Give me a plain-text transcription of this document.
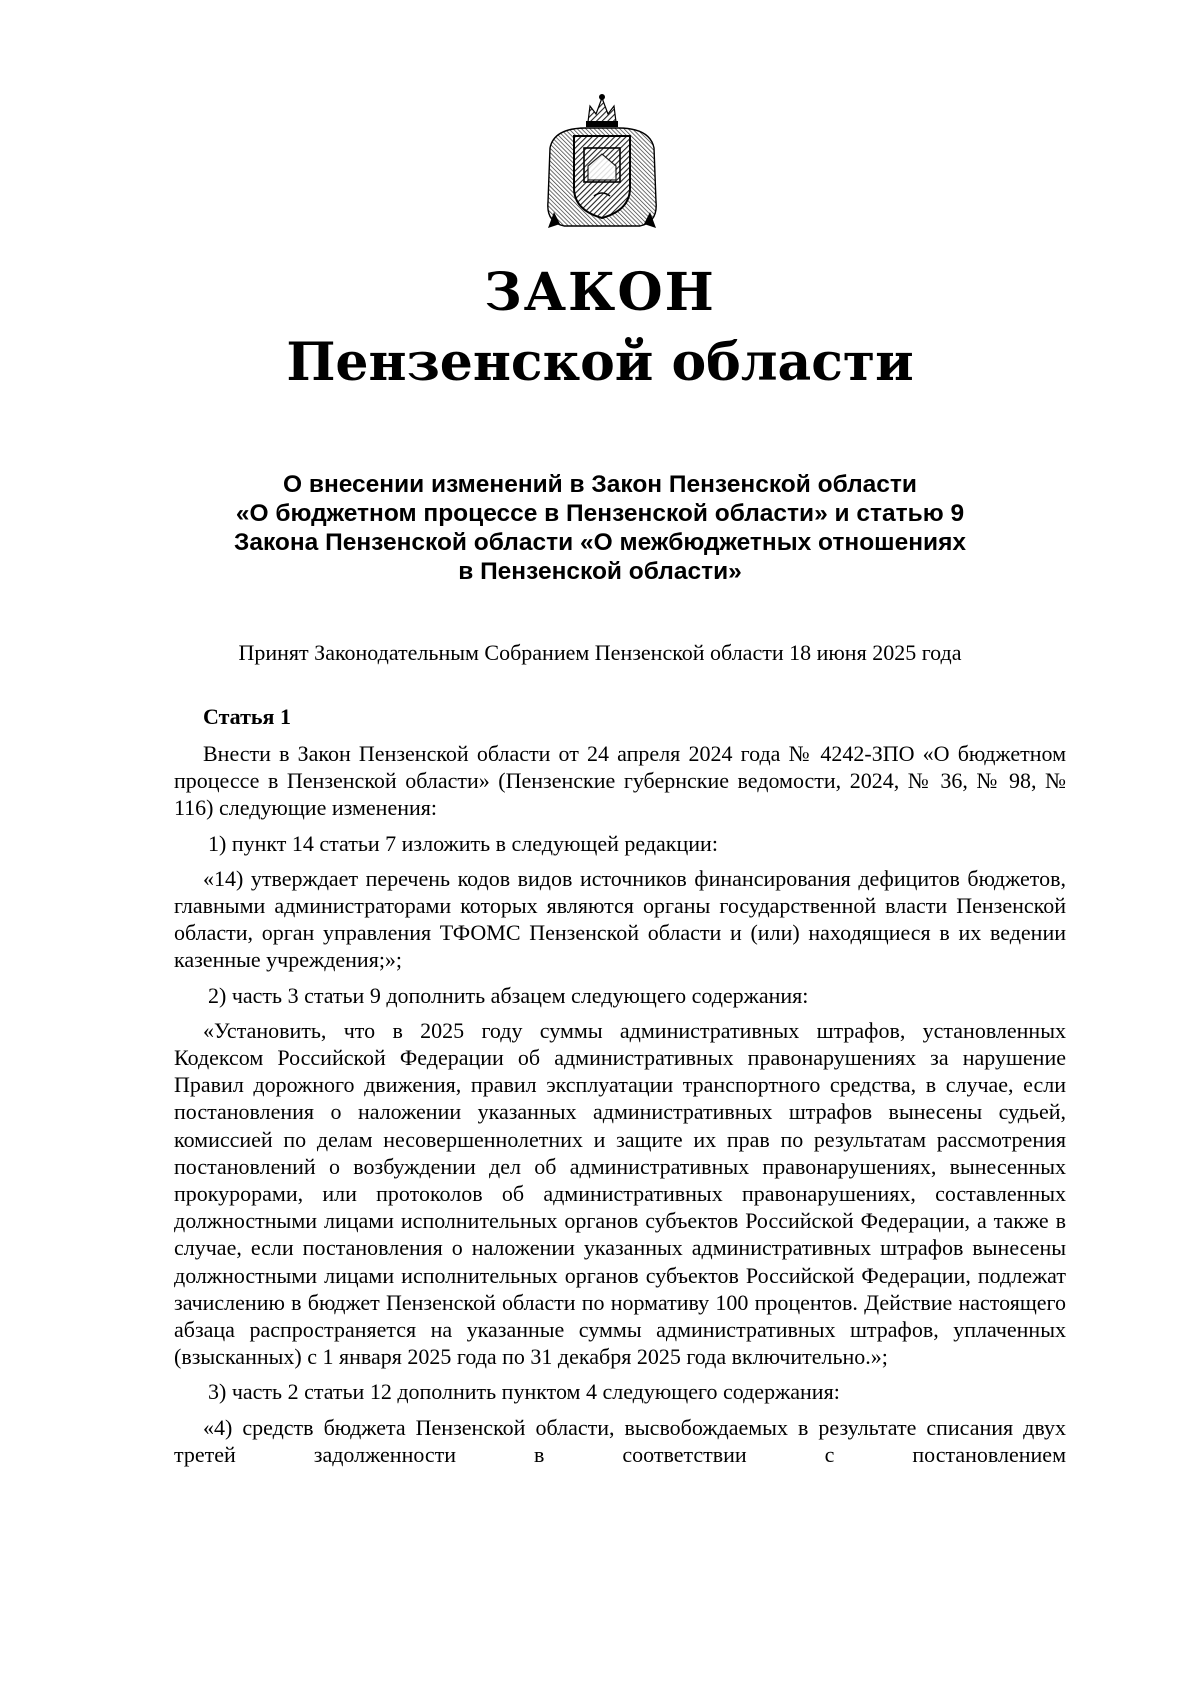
ЗАКОН
Пензенской области
О внесении изменений в Закон Пензенской области
«О бюджетном процессе в Пензенской области» и статью 9
Закона Пензенской области «О межбюджетных отношениях
в Пензенской области»
Принят Законодательным Собранием Пензенской области 18 июня 2025 года
Статья 1

Внести в Закон Пензенской области от 24 апреля 2024 года № 4242-ЗПО «О бюджетном процессе в Пензенской области» (Пензенские губернские ведомости, 2024, № 36, № 98, № 116) следующие изменения:

1) пункт 14 статьи 7 изложить в следующей редакции:

«14) утверждает перечень кодов видов источников финансирования дефицитов бюджетов, главными администраторами которых являются органы государственной власти Пензенской области, орган управления ТФОМС Пензенской области и (или) находящиеся в их ведении казенные учреждения;»;

2) часть 3 статьи 9 дополнить абзацем следующего содержания:

«Установить, что в 2025 году суммы административных штрафов, установленных Кодексом Российской Федерации об административных правонарушениях за нарушение Правил дорожного движения, правил эксплуатации транспортного средства, в случае, если постановления о наложении указанных административных штрафов вынесены судьей, комиссией по делам несовершеннолетних и защите их прав по результатам рассмотрения постановлений о возбуждении дел об административных правонарушениях, вынесенных прокурорами, или протоколов об административных правонарушениях, составленных должностными лицами исполнительных органов субъектов Российской Федерации, а также в случае, если постановления о наложении указанных административных штрафов вынесены должностными лицами исполнительных органов субъектов Российской Федерации, подлежат зачислению в бюджет Пензенской области по нормативу 100 процентов. Действие настоящего абзаца распространяется на указанные суммы административных штрафов, уплаченных (взысканных) с 1 января 2025 года по 31 декабря 2025 года включительно.»;

3) часть 2 статьи 12 дополнить пунктом 4 следующего содержания:

«4) средств бюджета Пензенской области, высвобождаемых в результате списания двух третей задолженности в соответствии с постановлением
